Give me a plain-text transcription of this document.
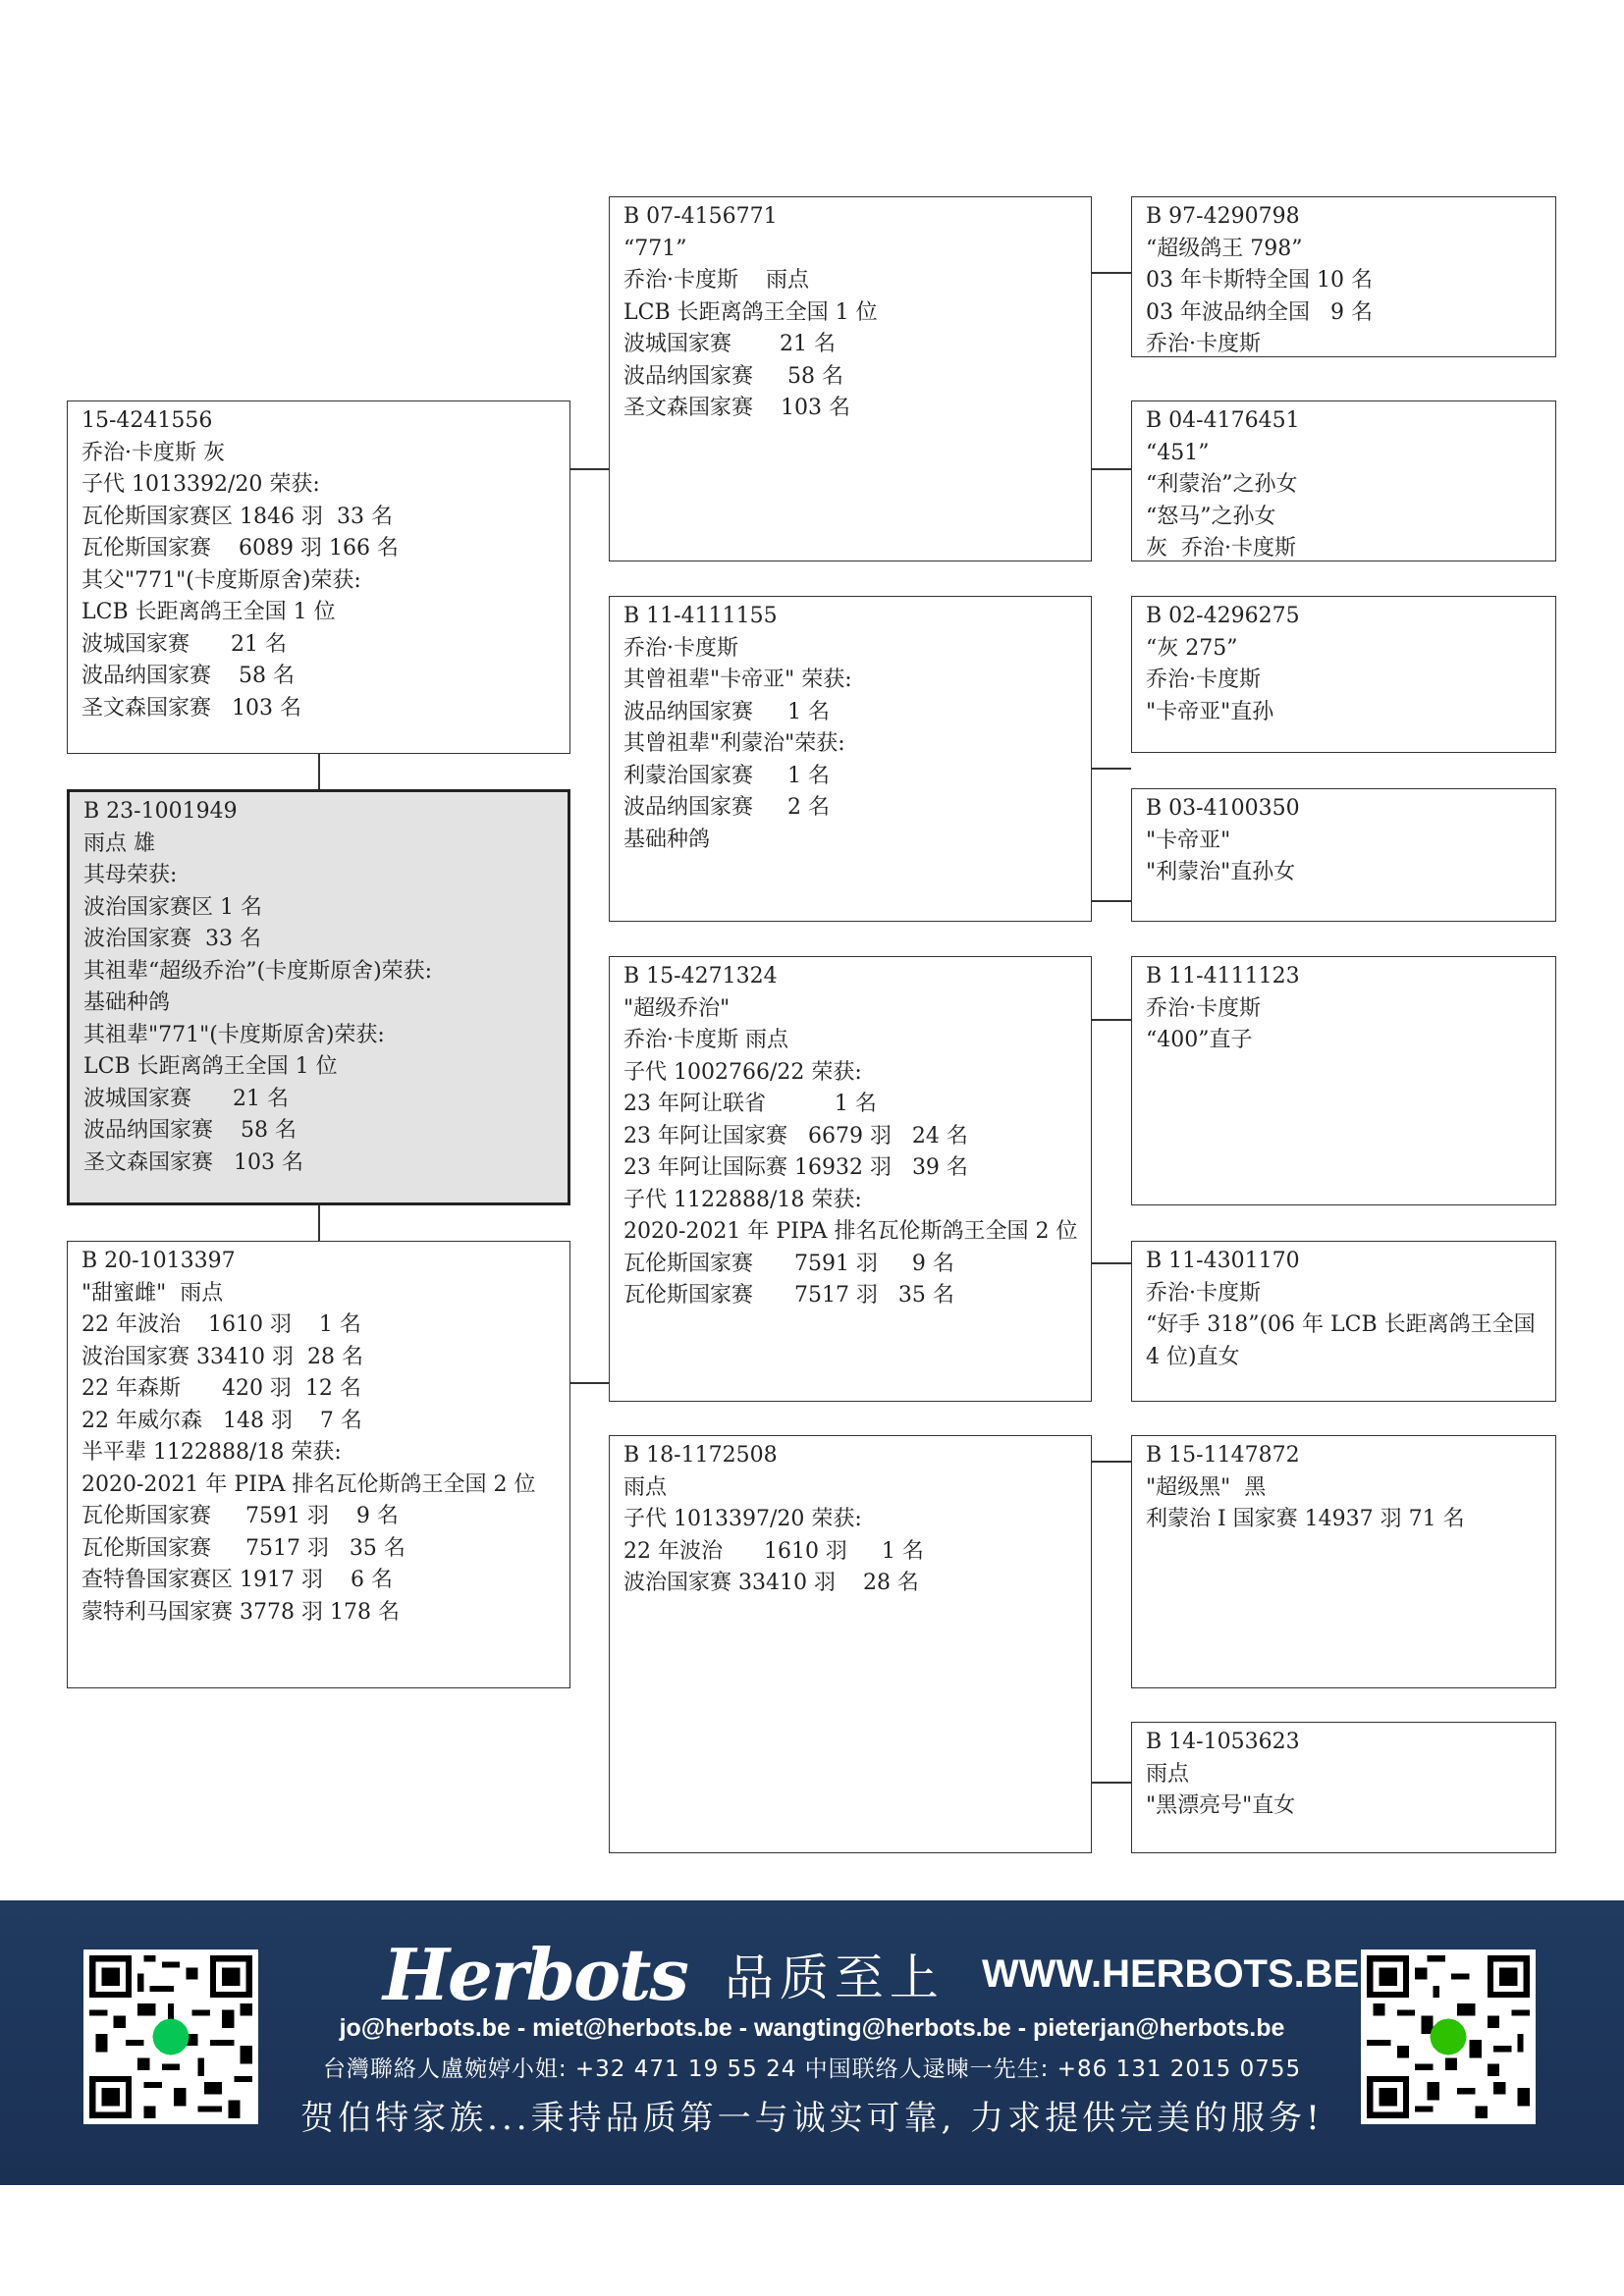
15-4241556
乔治·卡度斯 灰
子代 1013392/20 荣获:
瓦伦斯国家赛区 1846 羽  33 名
瓦伦斯国家赛    6089 羽 166 名
其父"771"(卡度斯原舍)荣获:
LCB 长距离鸽王全国 1 位
波城国家赛      21 名
波品纳国家赛    58 名
圣文森国家赛   103 名
B 23-1001949
雨点 雄
其母荣获:
波治国家赛区 1 名
波治国家赛  33 名
其祖辈“超级乔治”(卡度斯原舍)荣获:
基础种鸽
其祖辈"771"(卡度斯原舍)荣获:
LCB 长距离鸽王全国 1 位
波城国家赛      21 名
波品纳国家赛    58 名
圣文森国家赛   103 名
B 20-1013397
"甜蜜雌"  雨点
22 年波治    1610 羽    1 名
波治国家赛 33410 羽  28 名
22 年森斯      420 羽  12 名
22 年威尔森   148 羽    7 名
半平辈 1122888/18 荣获:
2020-2021 年 PIPA 排名瓦伦斯鸽王全国 2 位
瓦伦斯国家赛     7591 羽    9 名
瓦伦斯国家赛     7517 羽   35 名
查特鲁国家赛区 1917 羽    6 名
蒙特利马国家赛 3778 羽 178 名
B 07-4156771
“771”
乔治·卡度斯    雨点
LCB 长距离鸽王全国 1 位
波城国家赛       21 名
波品纳国家赛     58 名
圣文森国家赛    103 名
B 11-4111155
乔治·卡度斯
其曾祖辈"卡帝亚" 荣获:
波品纳国家赛     1 名
其曾祖辈"利蒙治"荣获:
利蒙治国家赛     1 名
波品纳国家赛     2 名
基础种鸽
B 15-4271324
"超级乔治"
乔治·卡度斯 雨点
子代 1002766/22 荣获:
23 年阿让联省          1 名
23 年阿让国家赛   6679 羽   24 名
23 年阿让国际赛 16932 羽   39 名
子代 1122888/18 荣获:
2020-2021 年 PIPA 排名瓦伦斯鸽王全国 2 位
瓦伦斯国家赛      7591 羽     9 名
瓦伦斯国家赛      7517 羽   35 名
B 18-1172508
雨点
子代 1013397/20 荣获:
22 年波治      1610 羽     1 名
波治国家赛 33410 羽    28 名
B 97-4290798
“超级鸽王 798”
03 年卡斯特全国 10 名
03 年波品纳全国   9 名
乔治·卡度斯
B 04-4176451
“451”
“利蒙治”之孙女
“怒马”之孙女
灰  乔治·卡度斯
B 02-4296275
“灰 275”
乔治·卡度斯
"卡帝亚"直孙
B 03-4100350
"卡帝亚"
"利蒙治"直孙女
B 11-4111123
乔治·卡度斯
“400”直子
B 11-4301170
乔治·卡度斯
“好手 318”(06 年 LCB 长距离鸽王全国 4 位)直女
B 15-1147872
"超级黑"  黑
利蒙治 I 国家赛 14937 羽 71 名
B 14-1053623
雨点
"黑漂亮号"直女
Herbots 品质至上 WWW.HERBOTS.BE
jo@herbots.be - miet@herbots.be - wangting@herbots.be - pieterjan@herbots.be
台灣聯絡人盧婉婷小姐: +32 471 19 55 24 中国联络人逯暕一先生: +86 131 2015 0755
贺伯特家族...秉持品质第一与诚实可靠, 力求提供完美的服务!
